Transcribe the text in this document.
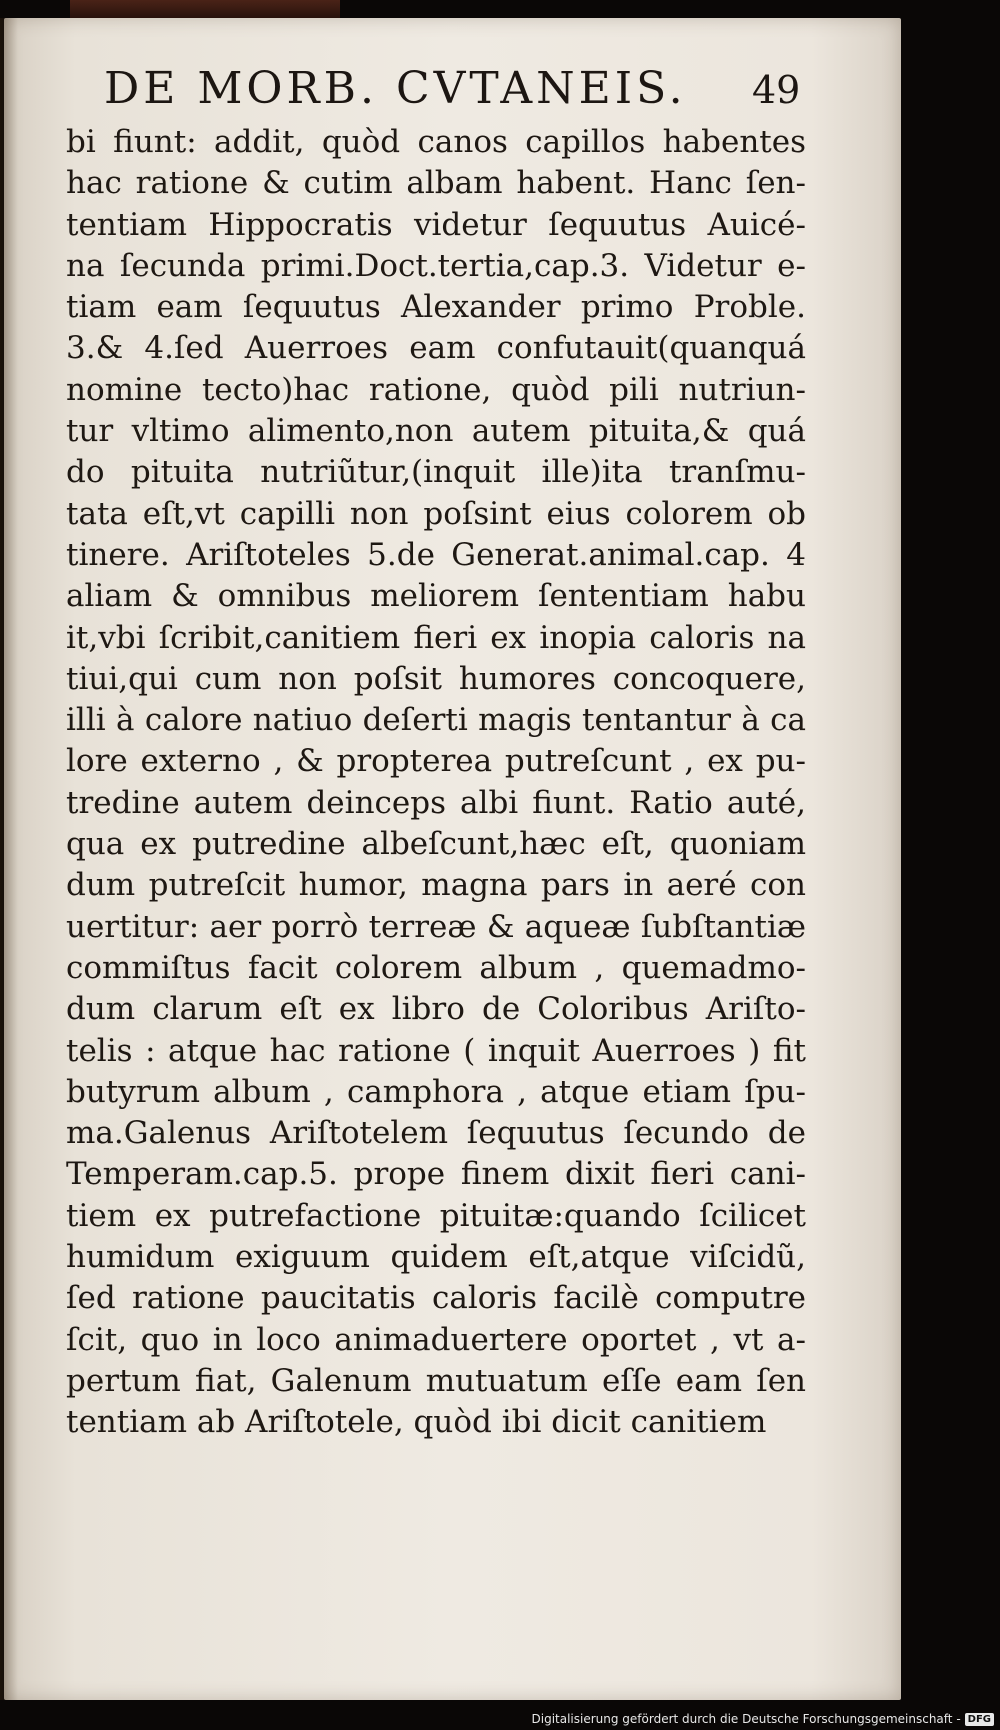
DE MORB. CVTANEIS.	49
bi fiunt: addit, quòd canos capillos habentes
hac ratione & cutim albam habent. Hanc ſen-
tentiam Hippocratis videtur ſequutus Auicé-
na ſecunda primi.Doct.tertia,cap.3. Videtur e-
tiam eam ſequutus Alexander primo Proble.
3.& 4.ſed Auerroes eam confutauit(quanquá
nomine tecto)hac ratione, quòd pili nutriun-
tur vltimo alimento,non autem pituita,& quá
do pituita nutriũtur,(inquit ille)ita tranſmu-
tata eſt,vt capilli non poſsint eius colorem ob
tinere. Ariſtoteles 5.de Generat.animal.cap. 4
aliam & omnibus meliorem ſententiam habu
it,vbi ſcribit,canitiem fieri ex inopia caloris na
tiui,qui cum non poſsit humores concoquere,
illi à calore natiuo deſerti magis tentantur à ca
lore externo , & propterea putreſcunt , ex pu-
tredine autem deinceps albi fiunt. Ratio auté,
qua ex putredine albeſcunt,hæc eſt, quoniam
dum putreſcit humor, magna pars in aeré con
uertitur: aer porrò terreæ & aqueæ ſubſtantiæ
commiſtus facit colorem album , quemadmo-
dum clarum eſt ex libro de Coloribus Ariſto-
telis : atque hac ratione ( inquit Auerroes ) fit
butyrum album , camphora , atque etiam ſpu-
ma.Galenus Ariſtotelem ſequutus ſecundo de
Temperam.cap.5. prope finem dixit fieri cani-
tiem ex putrefactione pituitæ:quando ſcilicet
humidum exiguum quidem eſt,atque viſcidũ,
ſed ratione paucitatis caloris facilè computre
ſcit, quo in loco animaduertere oportet , vt a-
pertum fiat, Galenum mutuatum eſſe eam ſen
tentiam ab Ariſtotele, quòd ibi dicit canitiem
Digitalisierung gefördert durch die Deutsche Forschungsgemeinschaft - DFG
